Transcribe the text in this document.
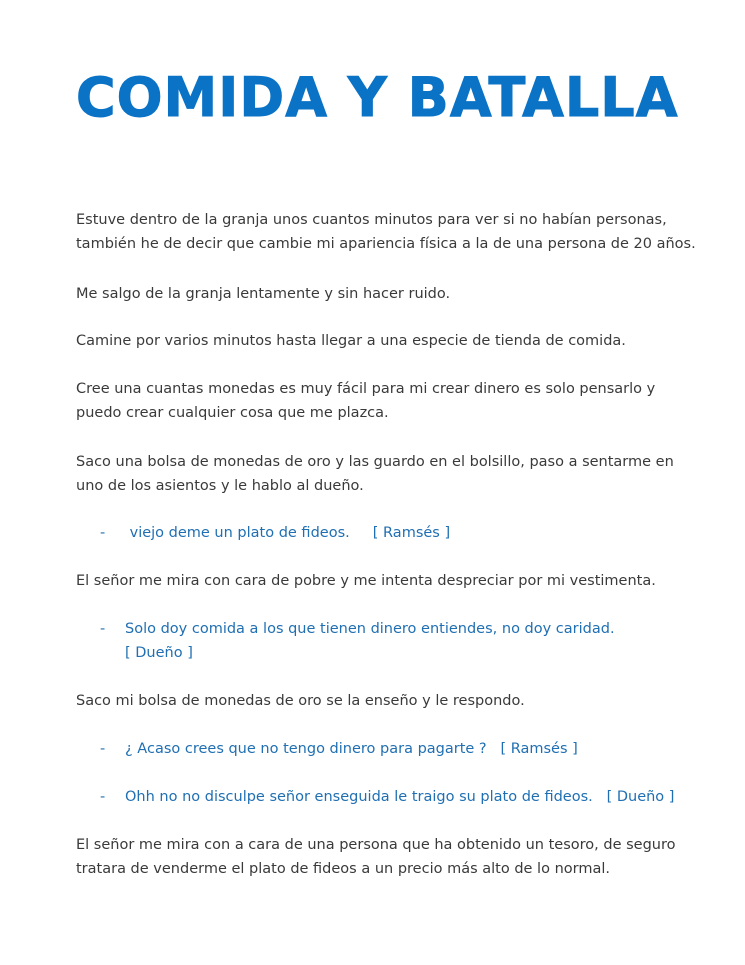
COMIDA Y BATALLA

Estuve dentro de la granja unos cuantos minutos para ver si no habían personas, también he de decir que cambie mi apariencia física a la de una persona de 20 años.

Me salgo de la granja lentamente y sin hacer ruido.

Camine por varios minutos hasta llegar a una especie de tienda de comida.

Cree una cuantas monedas es muy fácil para mi crear dinero es solo pensarlo y puedo crear cualquier cosa que me plazca.

Saco una bolsa de monedas de oro y las guardo en el bolsillo, paso a sentarme en uno de los asientos y le hablo al dueño.

-	viejo deme un plato de fideos. [ Ramsés ]

El señor me mira con cara de pobre y me intenta despreciar por mi vestimenta.

-	Solo doy comida a los que tienen dinero entiendes, no doy caridad.
[ Dueño ]

Saco mi bolsa de monedas de oro se la enseño y le respondo.

-	¿ Acaso crees que no tengo dinero para pagarte ? [ Ramsés ]
-	Ohh no no disculpe señor enseguida le traigo su plato de fideos. [ Dueño ]

El señor me mira con a cara de una persona que ha obtenido un tesoro, de seguro tratara de venderme el plato de fideos a un precio más alto de lo normal.
